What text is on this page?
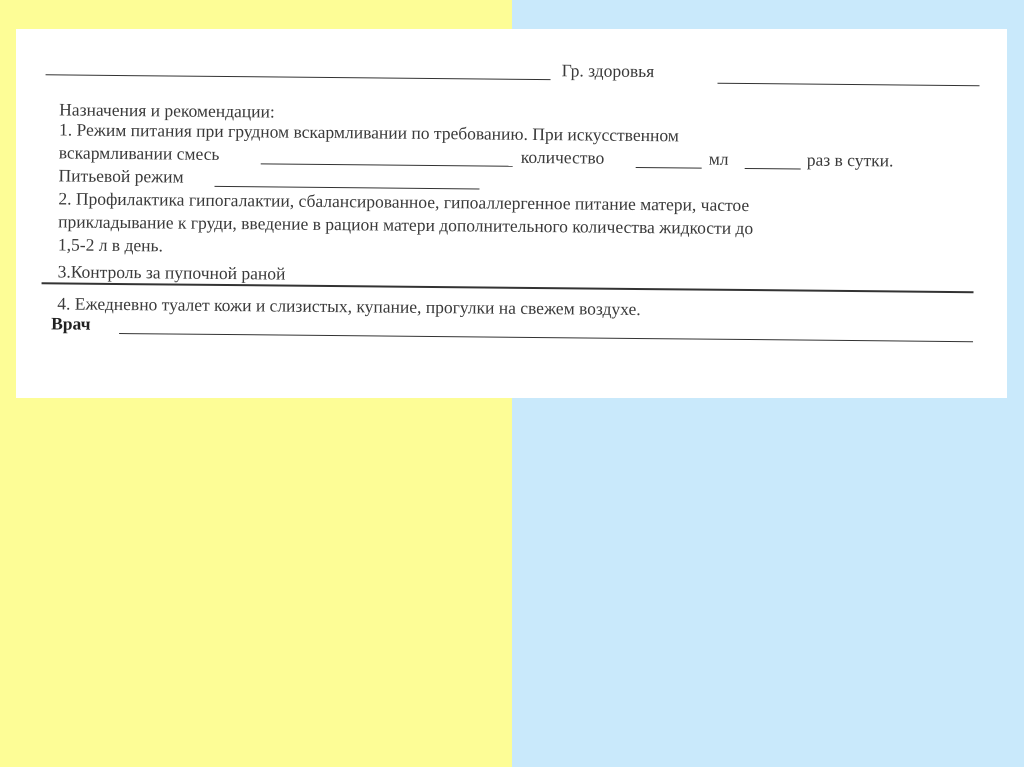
Гр. здоровья
Назначения и рекомендации:
1. Режим питания при грудном вскармливании по требованию. При искусственном
вскармливании смесь	количество	мл	раз в сутки.
Питьевой режим
2. Профилактика гипогалактии, сбалансированное, гипоаллергенное питание матери, частое
прикладывание к груди, введение в рацион матери дополнительного количества жидкости до
1,5-2 л в день.
3.Контроль за пупочной раной
4. Ежедневно туалет кожи и слизистых, купание, прогулки на свежем воздухе.
Врач
